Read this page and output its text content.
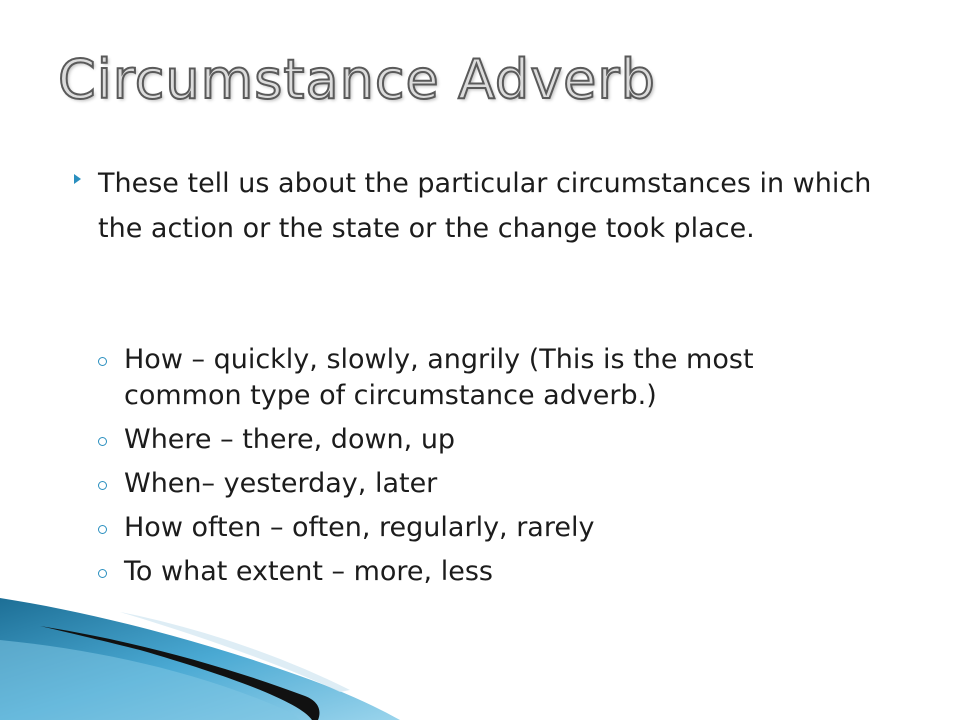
Circumstance Adverb
These tell us about the particular circumstances in which the action or the state or the change took place.
How – quickly, slowly, angrily (This is the most common type of circumstance adverb.)
Where – there, down, up
When– yesterday, later
How often – often, regularly, rarely
To what extent – more, less
